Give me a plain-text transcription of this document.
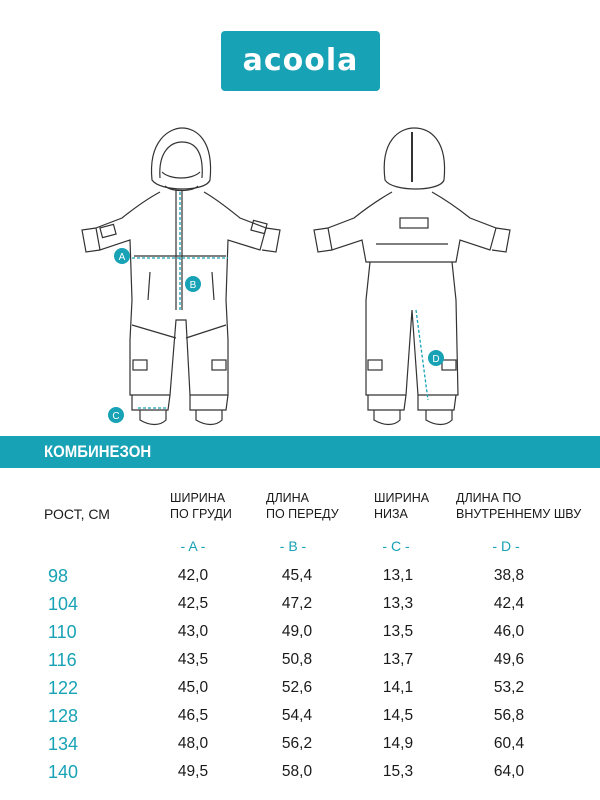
acoola
A
B
C
D
КОМБИНЕЗОН
РОСТ, СМ
ШИРИНА
ПО ГРУДИ
ДЛИНА
ПО ПЕРЕДУ
ШИРИНА
НИЗА
ДЛИНА ПО
ВНУТРЕННЕМУ ШВУ
- A -	- B -	- C -	- D -
98	42,0	45,4	13,1	38,8
104	42,5	47,2	13,3	42,4
110	43,0	49,0	13,5	46,0
116	43,5	50,8	13,7	49,6
122	45,0	52,6	14,1	53,2
128	46,5	54,4	14,5	56,8
134	48,0	56,2	14,9	60,4
140	49,5	58,0	15,3	64,0
